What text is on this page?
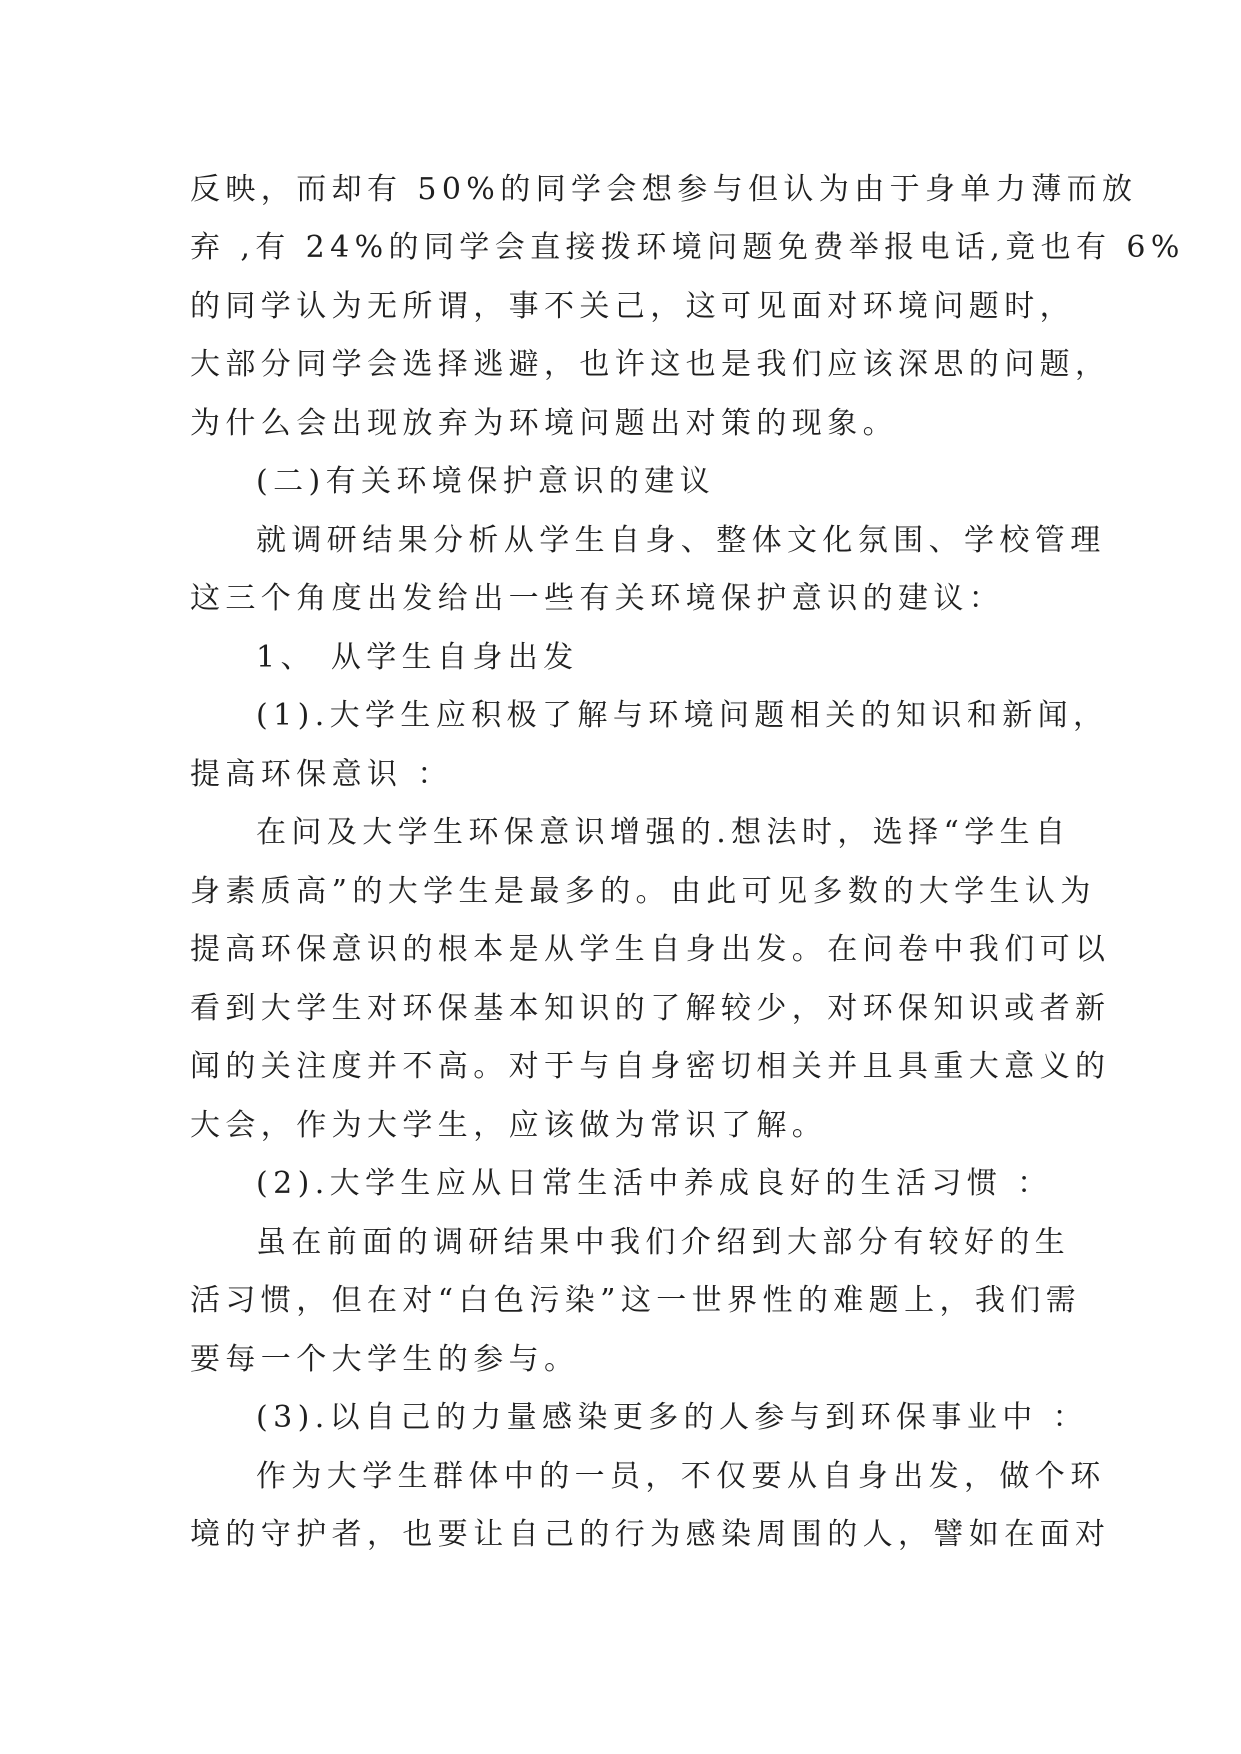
反映，而却有 50%的同学会想参与但认为由于身单力薄而放
弃 ,有 24%的同学会直接拨环境问题免费举报电话,竟也有 6%
的同学认为无所谓，事不关己，这可见面对环境问题时，
大部分同学会选择逃避，也许这也是我们应该深思的问题，
为什么会出现放弃为环境问题出对策的现象。
(二)有关环境保护意识的建议
就调研结果分析从学生自身、整体文化氛围、学校管理
这三个角度出发给出一些有关环境保护意识的建议：
1、 从学生自身出发
(1).大学生应积极了解与环境问题相关的知识和新闻，
提高环保意识 ：
在问及大学生环保意识增强的.想法时，选择“学生自
身素质高”的大学生是最多的。由此可见多数的大学生认为
提高环保意识的根本是从学生自身出发。在问卷中我们可以
看到大学生对环保基本知识的了解较少，对环保知识或者新
闻的关注度并不高。对于与自身密切相关并且具重大意义的
大会，作为大学生，应该做为常识了解。
(2).大学生应从日常生活中养成良好的生活习惯 ：
虽在前面的调研结果中我们介绍到大部分有较好的生
活习惯，但在对“白色污染”这一世界性的难题上，我们需
要每一个大学生的参与。
(3).以自己的力量感染更多的人参与到环保事业中 ：
作为大学生群体中的一员，不仅要从自身出发，做个环
境的守护者，也要让自己的行为感染周围的人，譬如在面对
